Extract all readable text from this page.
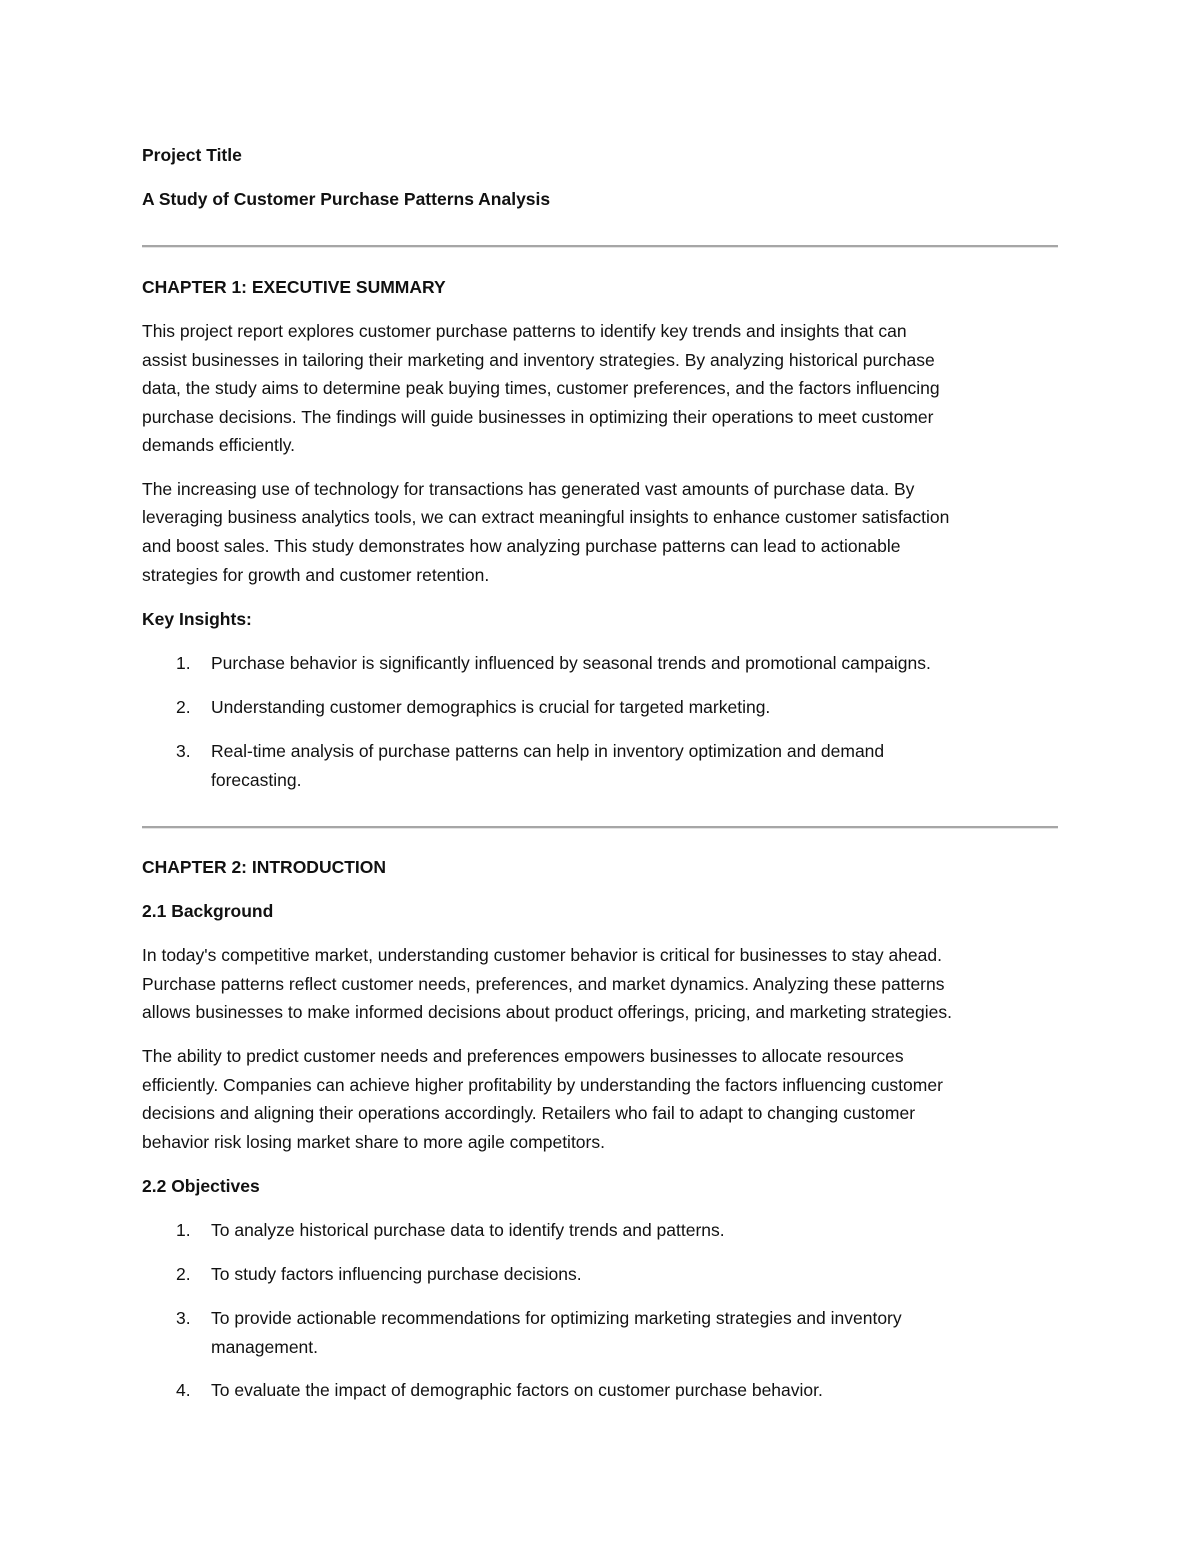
Project Title
A Study of Customer Purchase Patterns Analysis
CHAPTER 1: EXECUTIVE SUMMARY
This project report explores customer purchase patterns to identify key trends and insights that can
assist businesses in tailoring their marketing and inventory strategies. By analyzing historical purchase
data, the study aims to determine peak buying times, customer preferences, and the factors influencing
purchase decisions. The findings will guide businesses in optimizing their operations to meet customer
demands efficiently.
The increasing use of technology for transactions has generated vast amounts of purchase data. By
leveraging business analytics tools, we can extract meaningful insights to enhance customer satisfaction
and boost sales. This study demonstrates how analyzing purchase patterns can lead to actionable
strategies for growth and customer retention.
Key Insights:
1. Purchase behavior is significantly influenced by seasonal trends and promotional campaigns.
2. Understanding customer demographics is crucial for targeted marketing.
3. Real-time analysis of purchase patterns can help in inventory optimization and demand
forecasting.
CHAPTER 2: INTRODUCTION
2.1 Background
In today's competitive market, understanding customer behavior is critical for businesses to stay ahead.
Purchase patterns reflect customer needs, preferences, and market dynamics. Analyzing these patterns
allows businesses to make informed decisions about product offerings, pricing, and marketing strategies.
The ability to predict customer needs and preferences empowers businesses to allocate resources
efficiently. Companies can achieve higher profitability by understanding the factors influencing customer
decisions and aligning their operations accordingly. Retailers who fail to adapt to changing customer
behavior risk losing market share to more agile competitors.
2.2 Objectives
1. To analyze historical purchase data to identify trends and patterns.
2. To study factors influencing purchase decisions.
3. To provide actionable recommendations for optimizing marketing strategies and inventory
management.
4. To evaluate the impact of demographic factors on customer purchase behavior.
